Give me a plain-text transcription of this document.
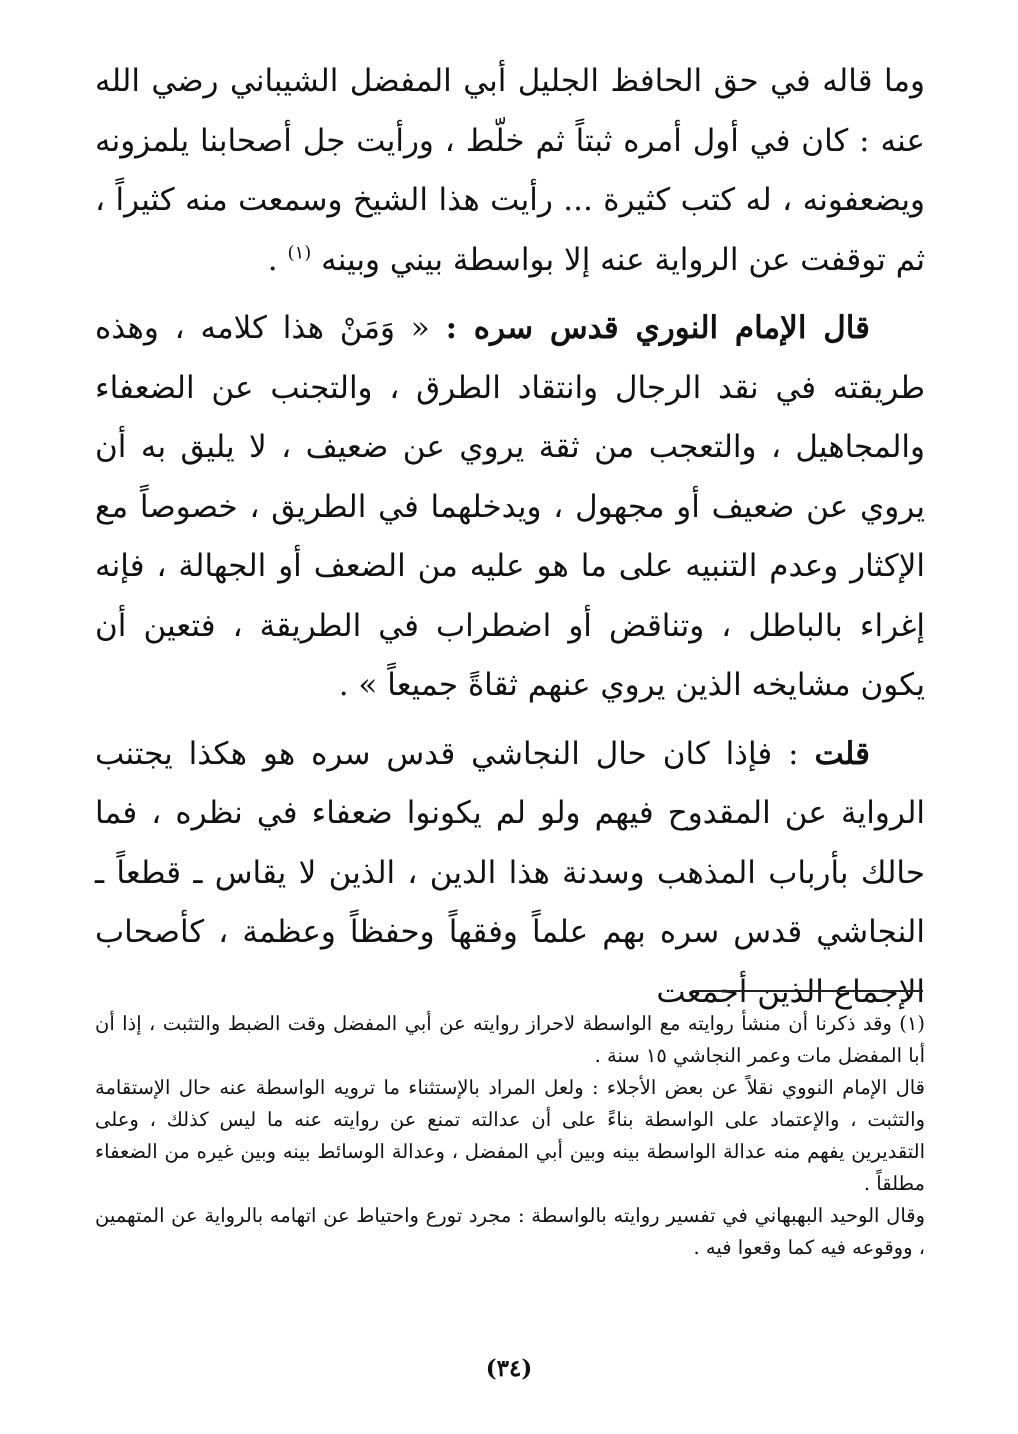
وما قاله في حق الحافظ الجليل أبي المفضل الشيباني رضي الله عنه : كان في أول أمره ثبتاً ثم خلّط ، ورأيت جل أصحابنا يلمزونه ويضعفونه ، له كتب كثيرة ... رأيت هذا الشيخ وسمعت منه كثيراً ، ثم توقفت عن الرواية عنه إلا بواسطة بيني وبينه $^{(١)}$ .

قال الإمام النوري قدس سره : « وَمَنْ هذا كلامه ، وهذه طريقته في نقد الرجال وانتقاد الطرق ، والتجنب عن الضعفاء والمجاهيل ، والتعجب من ثقة يروي عن ضعيف ، لا يليق به أن يروي عن ضعيف أو مجهول ، ويدخلهما في الطريق ، خصوصاً مع الإكثار وعدم التنبيه على ما هو عليه من الضعف أو الجهالة ، فإنه إغراء بالباطل ، وتناقض أو اضطراب في الطريقة ، فتعين أن يكون مشايخه الذين يروي عنهم ثقاةً جميعاً » .

قلت : فإذا كان حال النجاشي قدس سره هو هكذا يجتنب الرواية عن المقدوح فيهم ولو لم يكونوا ضعفاء في نظره ، فما حالك بأرباب المذهب وسدنة هذا الدين ، الذين لا يقاس ـ قطعاً ـ النجاشي قدس سره بهم علماً وفقهاً وحفظاً وعظمة ، كأصحاب الإجماع الذين أجمعت

(١) وقد ذكرنا أن منشأ روايته مع الواسطة لاحراز روايته عن أبي المفضل وقت الضبط والتثبت ، إذا أن أبا المفضل مات وعمر النجاشي ١٥ سنة .

قال الإمام النووي نقلاً عن بعض الأجلاء : ولعل المراد بالإستثناء ما ترويه الواسطة عنه حال الإستقامة والتثبت ، والإعتماد على الواسطة بناءً على أن عدالته تمنع عن روايته عنه ما ليس كذلك ، وعلى التقديرين يفهم منه عدالة الواسطة بينه وبين أبي المفضل ، وعدالة الوسائط بينه وبين غيره من الضعفاء مطلقاً .

وقال الوحيد البهبهاني في تفسير روايته بالواسطة : مجرد تورع واحتياط عن اتهامه بالرواية عن المتهمين ، ووقوعه فيه كما وقعوا فيه .

(٣٤)
